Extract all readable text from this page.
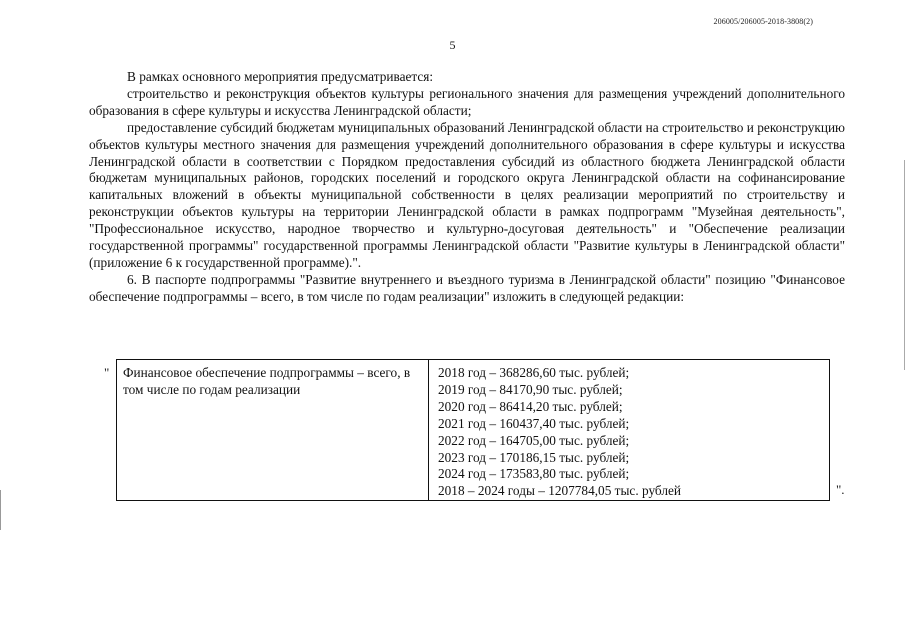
206005/206005-2018-3808(2)
5

В рамках основного мероприятия предусматривается:

строительство и реконструкция объектов культуры регионального значения для размещения учреждений дополнительного образования в сфере культуры и искусства Ленинградской области;

предоставление субсидий бюджетам муниципальных образований Ленинградской области на строительство и реконструкцию объектов культуры местного значения для размещения учреждений дополнительного образования в сфере культуры и искусства Ленинградской области в соответствии с Порядком предоставления субсидий из областного бюджета Ленинградской области бюджетам муниципальных районов, городских поселений и городского округа Ленинградской области на софинансирование капитальных вложений в объекты муниципальной собственности в целях реализации мероприятий по строительству и реконструкции объектов культуры на территории Ленинградской области в рамках подпрограмм "Музейная деятельность", "Профессиональное искусство, народное творчество и культурно-досуговая деятельность" и "Обеспечение реализации государственной программы" государственной программы Ленинградской области "Развитие культуры в Ленинградской области" (приложение 6 к государственной программе).".

6. В паспорте подпрограммы "Развитие внутреннего и въездного туризма в Ленинградской области" позицию "Финансовое обеспечение подпрограммы – всего, в том числе по годам реализации" изложить в следующей редакции:

"	Финансовое обеспечение подпрограммы – всего, в том числе по годам реализации
2018 год – 368286,60 тыс. рублей;
2019 год – 84170,90 тыс. рублей;
2020 год – 86414,20 тыс. рублей;
2021 год – 160437,40 тыс. рублей;
2022 год – 164705,00 тыс. рублей;
2023 год – 170186,15 тыс. рублей;
2024 год – 173583,80 тыс. рублей;
2018 – 2024 годы – 1207784,05 тыс. рублей	".
